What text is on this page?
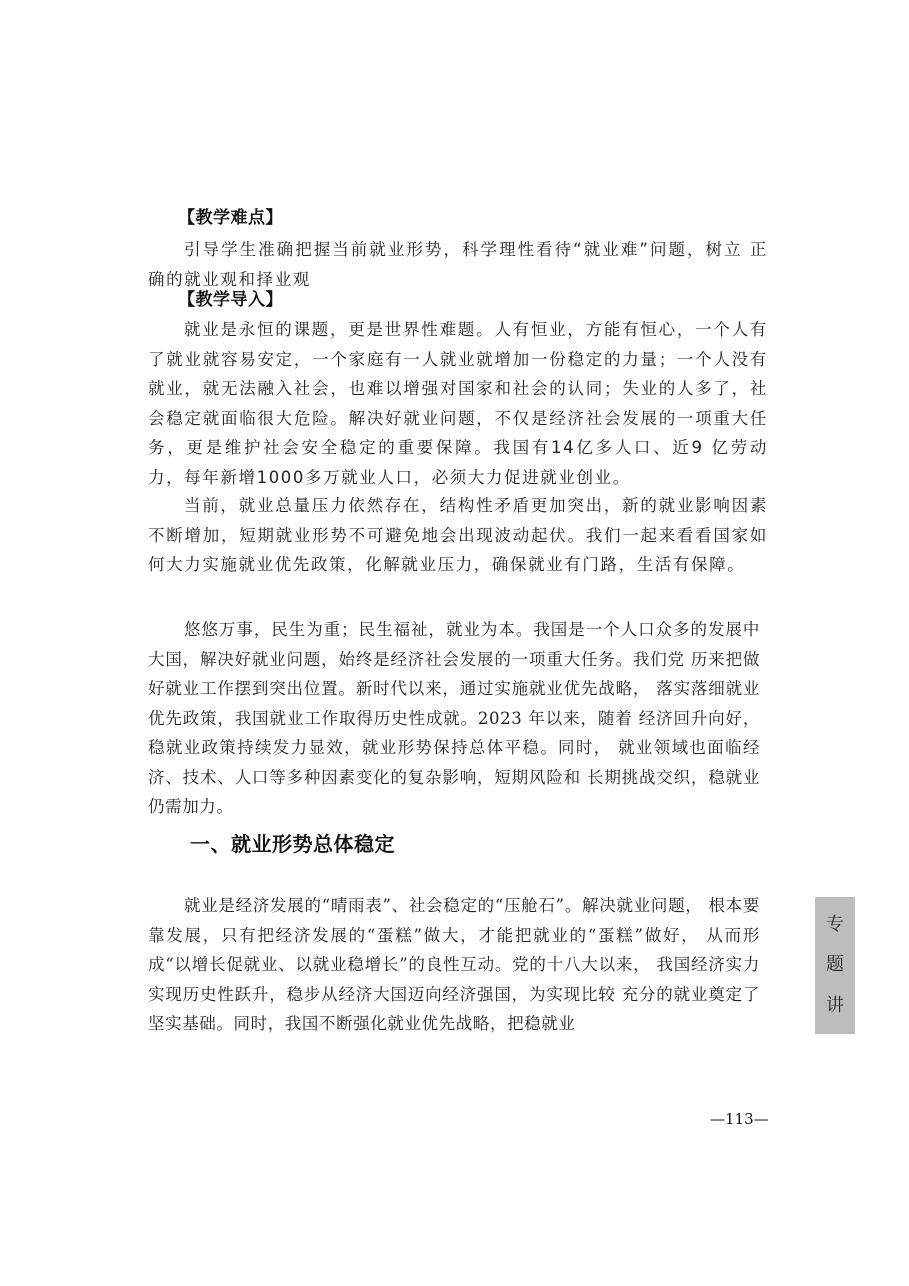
【教学难点】

引导学生准确把握当前就业形势，科学理性看待“就业难”问题，树立 正确的就业观和择业观

【教学导入】

就业是永恒的课题，更是世界性难题。人有恒业，方能有恒心，一个人有了就业就容易安定，一个家庭有一人就业就增加一份稳定的力量；一个人没有就业，就无法融入社会，也难以增强对国家和社会的认同；失业的人多了，社会稳定就面临很大危险。解决好就业问题，不仅是经济社会发展的一项重大任务，更是维护社会安全稳定的重要保障。我国有14亿多人口、近9 亿劳动力，每年新增1000多万就业人口，必须大力促进就业创业。

当前，就业总量压力依然存在，结构性矛盾更加突出，新的就业影响因素不断增加，短期就业形势不可避免地会出现波动起伏。我们一起来看看国家如何大力实施就业优先政策，化解就业压力，确保就业有门路，生活有保障。

悠悠万事，民生为重；民生福祉，就业为本。我国是一个人口众多的发展中大国，解决好就业问题，始终是经济社会发展的一项重大任务。我们党 历来把做好就业工作摆到突出位置。新时代以来，通过实施就业优先战略， 落实落细就业优先政策，我国就业工作取得历史性成就。2023 年以来，随着 经济回升向好，稳就业政策持续发力显效，就业形势保持总体平稳。同时， 就业领域也面临经济、技术、人口等多种因素变化的复杂影响，短期风险和 长期挑战交织，稳就业仍需加力。

一、就业形势总体稳定

就业是经济发展的“晴雨表”、社会稳定的“压舱石”。解决就业问题， 根本要靠发展，只有把经济发展的“蛋糕”做大，才能把就业的“蛋糕”做好， 从而形成“以增长促就业、以就业稳增长”的良性互动。党的十八大以来， 我国经济实力实现历史性跃升，稳步从经济大国迈向经济强国，为实现比较 充分的就业奠定了坚实基础。同时，我国不断强化就业优先战略，把稳就业

专
题
讲
—113—
